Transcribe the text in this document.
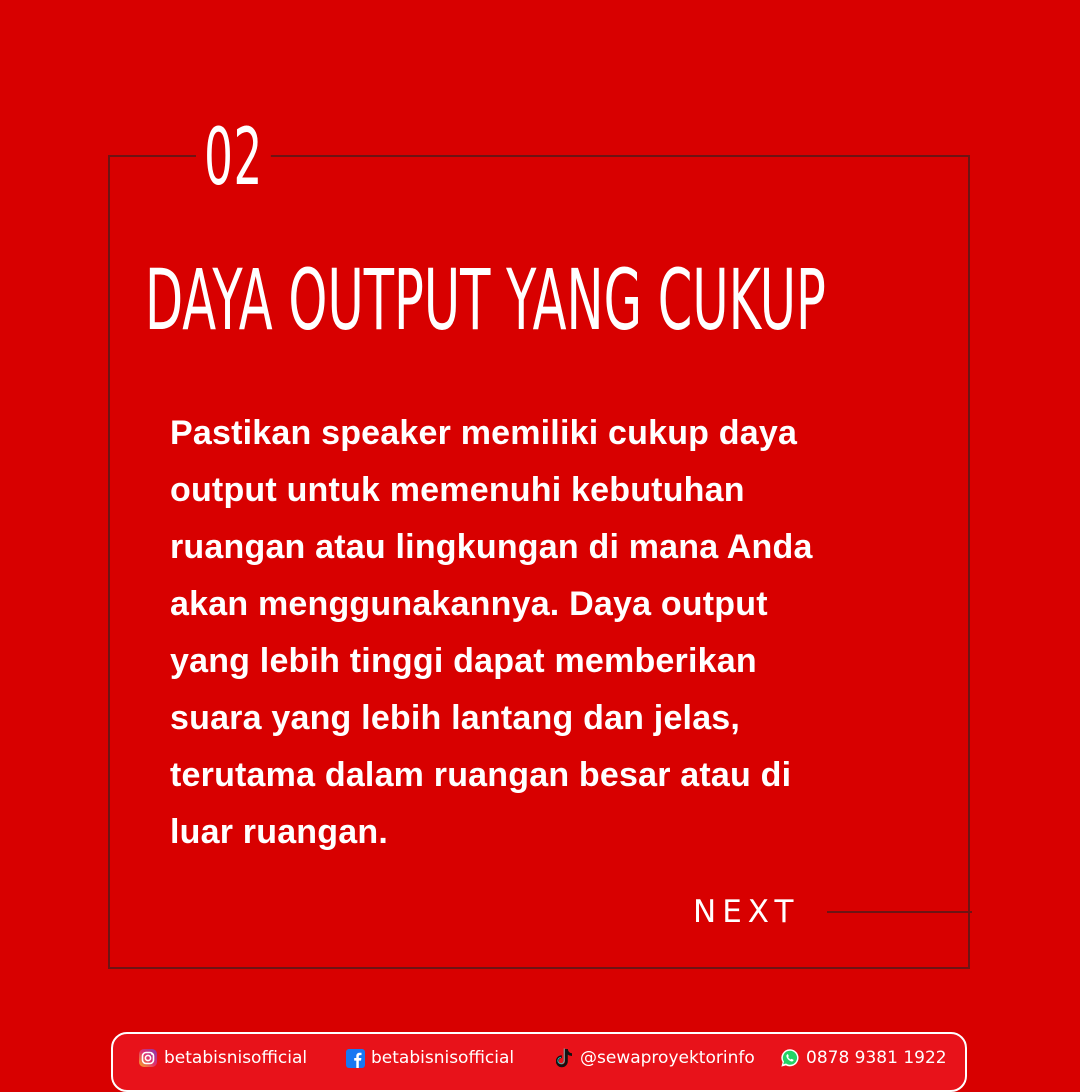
02
DAYA OUTPUT YANG CUKUP
Pastikan speaker memiliki cukup daya
output untuk memenuhi kebutuhan
ruangan atau lingkungan di mana Anda
akan menggunakannya. Daya output
yang lebih tinggi dapat memberikan
suara yang lebih lantang dan jelas,
terutama dalam ruangan besar atau di
luar ruangan.
NEXT
betabisnisofficial	betabisnisofficial	@sewaproyektorinfo	0878 9381 1922
